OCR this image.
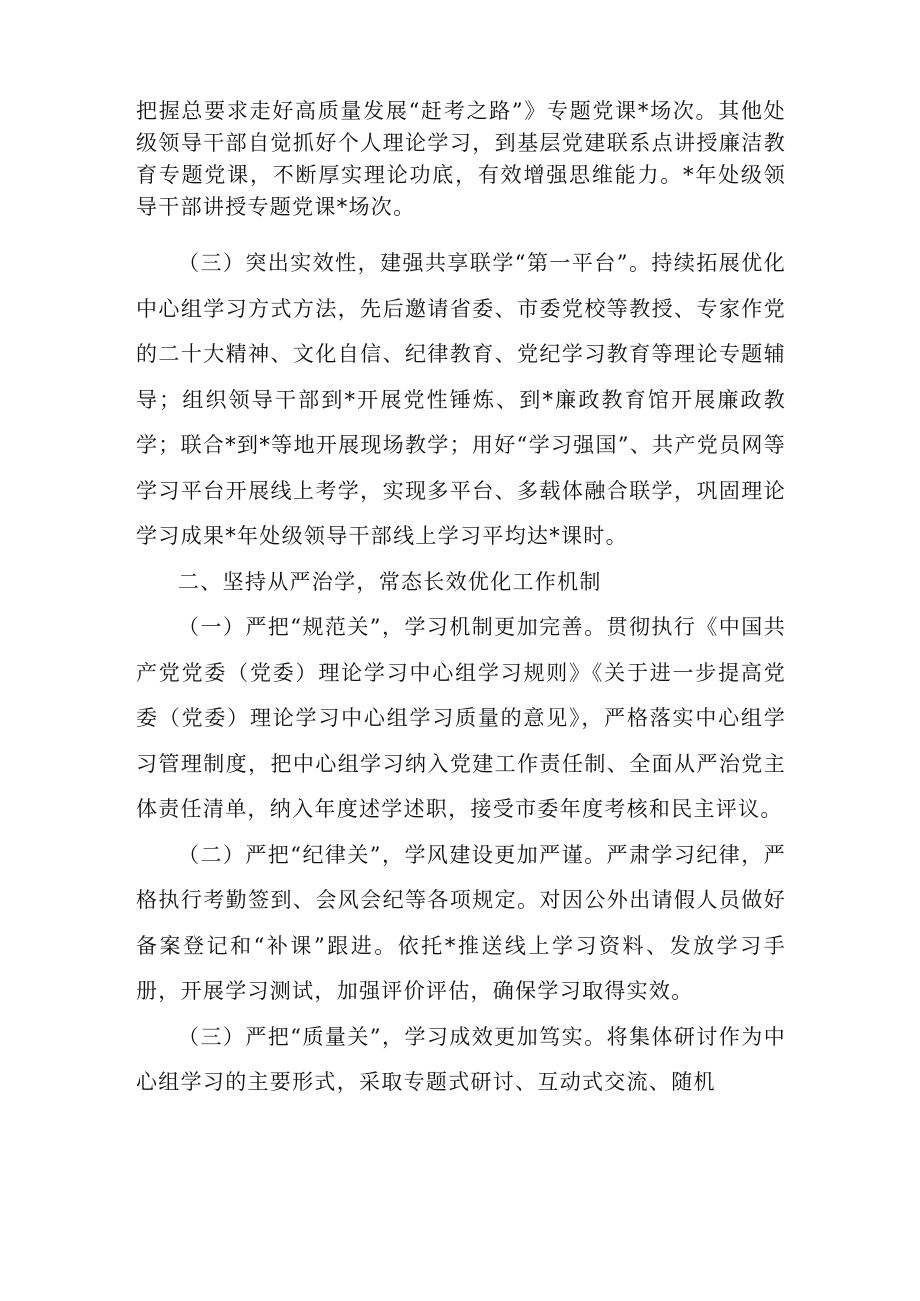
把握总要求走好高质量发展“赶考之路”》专题党课*场次。其他处级领导干部自觉抓好个人理论学习，到基层党建联系点讲授廉洁教育专题党课，不断厚实理论功底，有效增强思维能力。*年处级领导干部讲授专题党课*场次。

（三）突出实效性，建强共享联学“第一平台”。持续拓展优化中心组学习方式方法，先后邀请省委、市委党校等教授、专家作党的二十大精神、文化自信、纪律教育、党纪学习教育等理论专题辅导；组织领导干部到*开展党性锤炼、到*廉政教育馆开展廉政教学；联合*到*等地开展现场教学；用好“学习强国”、共产党员网等学习平台开展线上考学，实现多平台、多载体融合联学，巩固理论学习成果*年处级领导干部线上学习平均达*课时。

二、坚持从严治学，常态长效优化工作机制

（一）严把“规范关”，学习机制更加完善。贯彻执行《中国共产党党委（党委）理论学习中心组学习规则》《关于进一步提高党委（党委）理论学习中心组学习质量的意见》，严格落实中心组学习管理制度，把中心组学习纳入党建工作责任制、全面从严治党主体责任清单，纳入年度述学述职，接受市委年度考核和民主评议。

（二）严把“纪律关”，学风建设更加严谨。严肃学习纪律，严格执行考勤签到、会风会纪等各项规定。对因公外出请假人员做好备案登记和“补课”跟进。依托*推送线上学习资料、发放学习手册，开展学习测试，加强评价评估，确保学习取得实效。

（三）严把“质量关”，学习成效更加笃实。将集体研讨作为中心组学习的主要形式，采取专题式研讨、互动式交流、随机
